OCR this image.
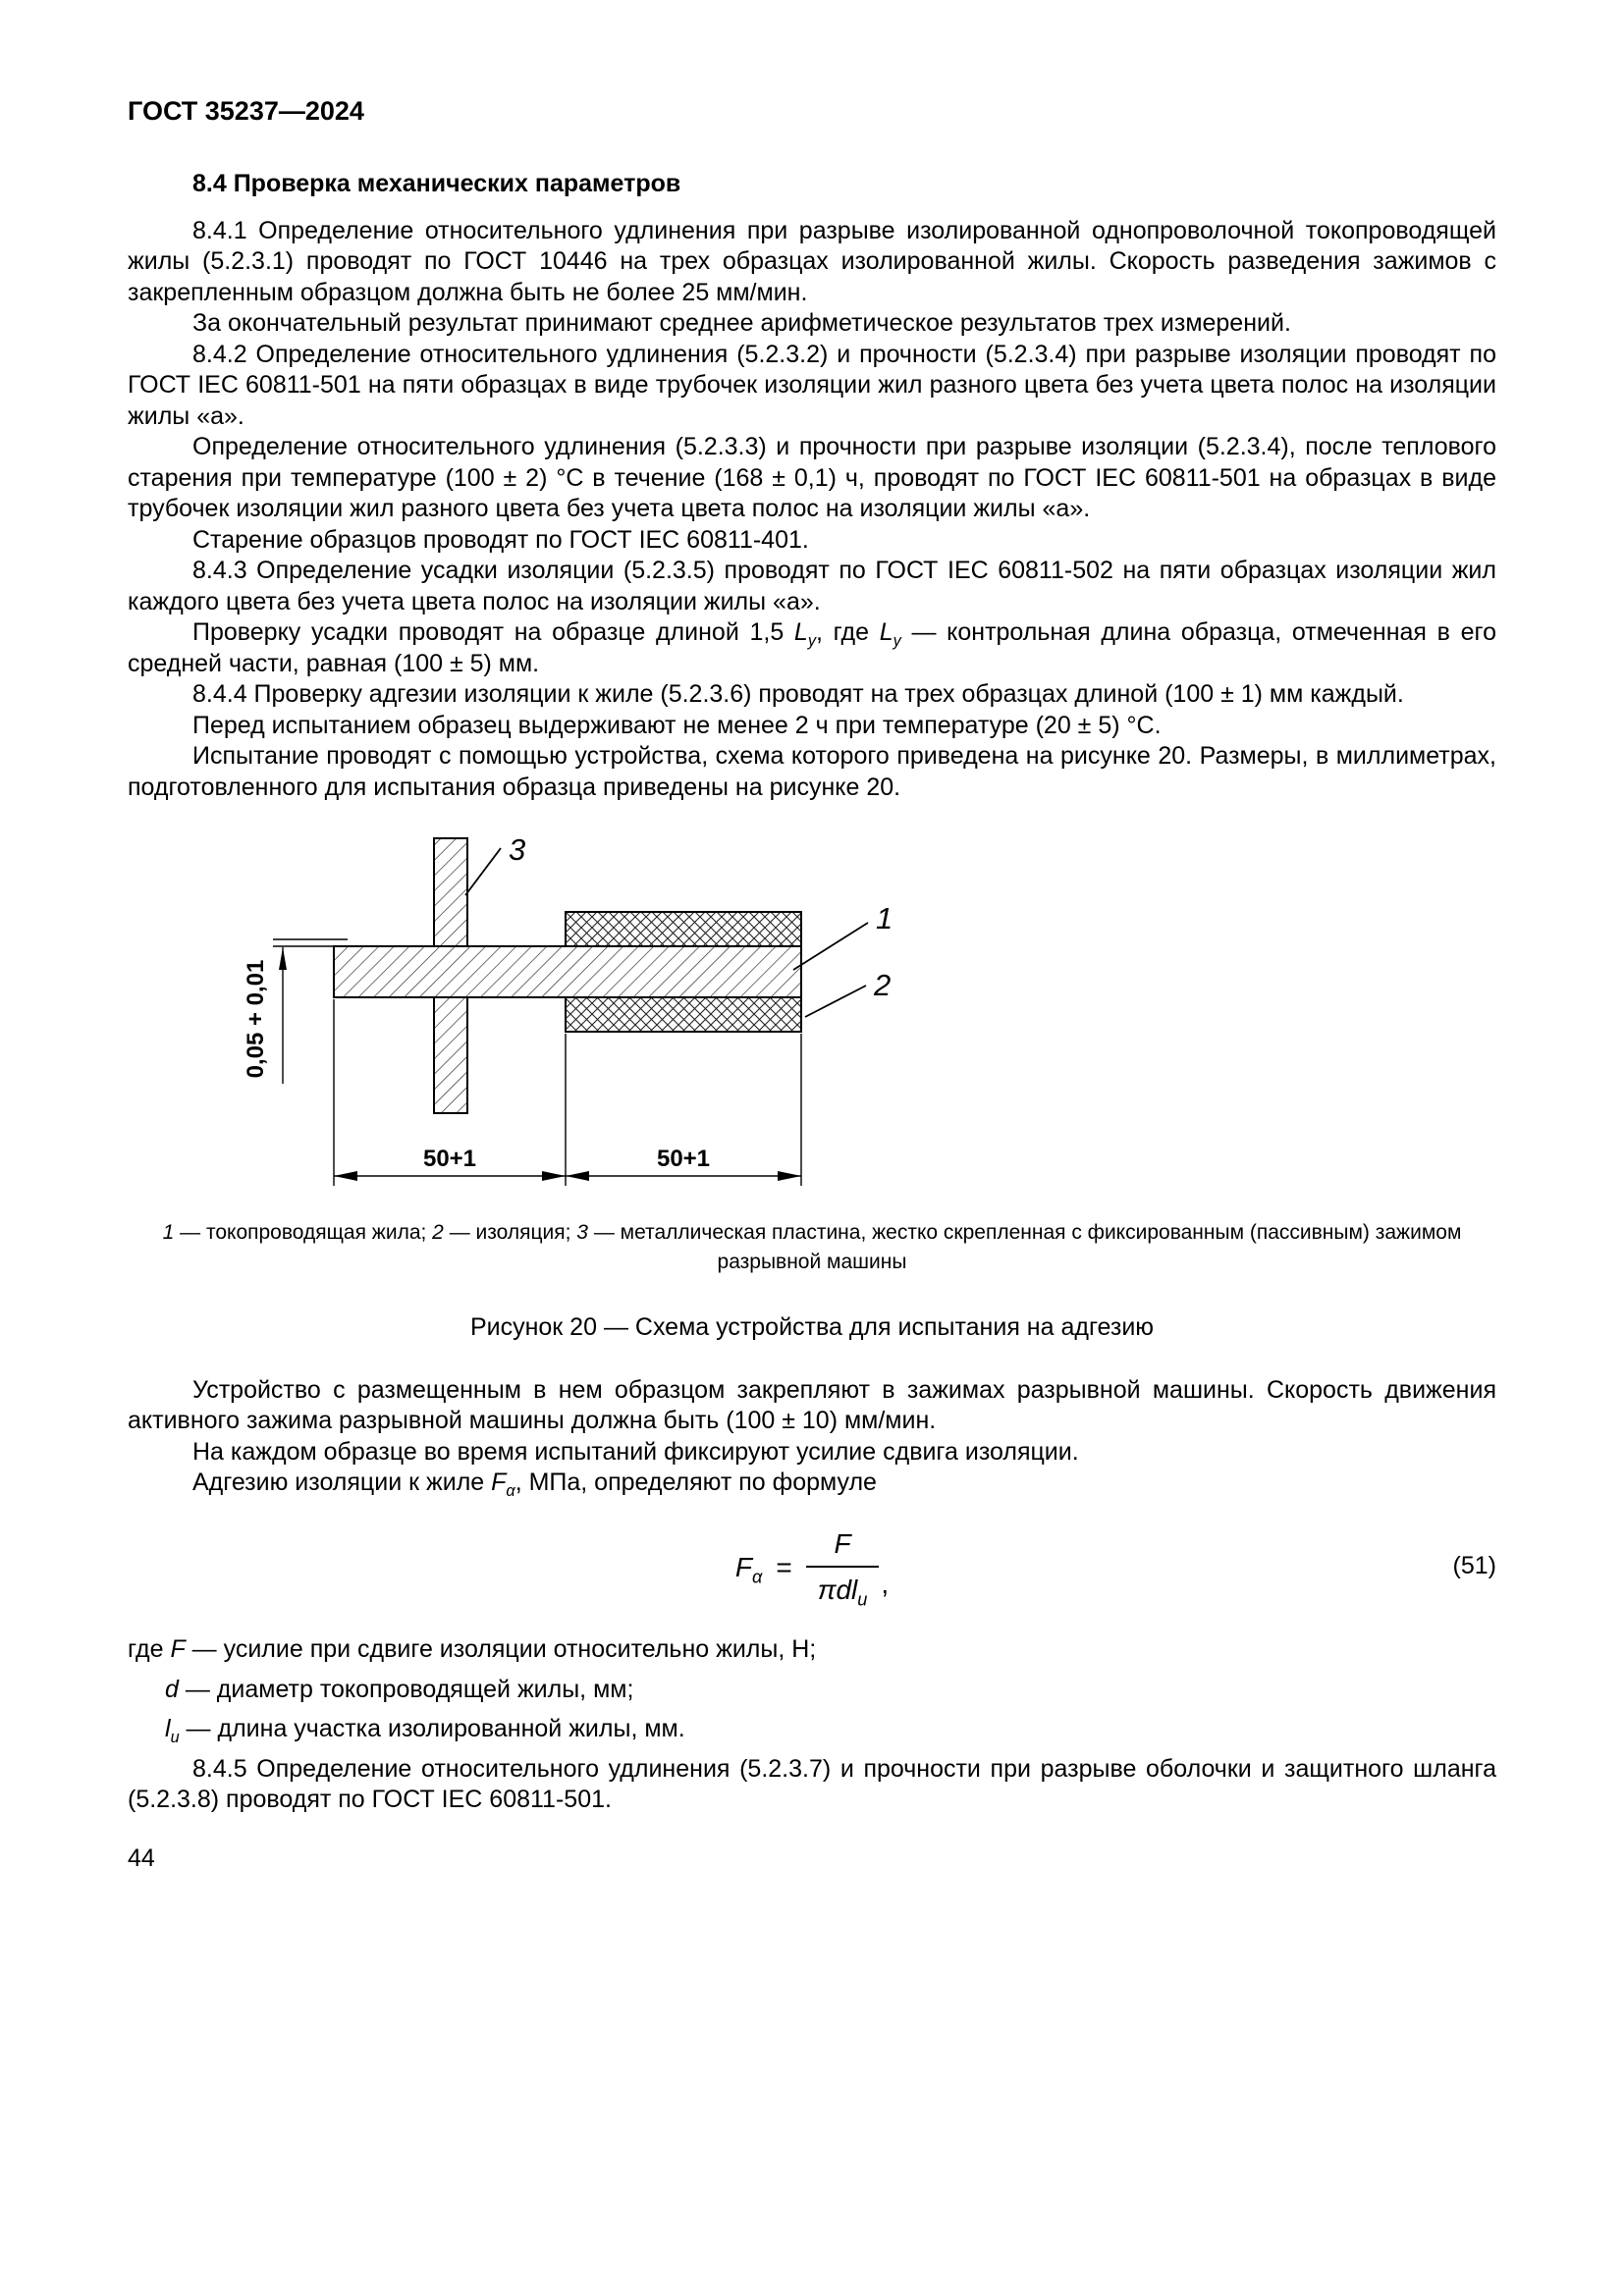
ГОСТ 35237—2024
8.4 Проверка механических параметров

8.4.1 Определение относительного удлинения при разрыве изолированной однопроволочной токопроводящей жилы (5.2.3.1) проводят по ГОСТ 10446 на трех образцах изолированной жилы. Скорость разведения зажимов с закрепленным образцом должна быть не более 25 мм/мин.

За окончательный результат принимают среднее арифметическое результатов трех измерений.

8.4.2 Определение относительного удлинения (5.2.3.2) и прочности (5.2.3.4) при разрыве изоляции проводят по ГОСТ IEC 60811-501 на пяти образцах в виде трубочек изоляции жил разного цвета без учета цвета полос на изоляции жилы «а».

Определение относительного удлинения (5.2.3.3) и прочности при разрыве изоляции (5.2.3.4), после теплового старения при температуре (100 ± 2) °С в течение (168 ± 0,1) ч, проводят по ГОСТ IEC 60811-501 на образцах в виде трубочек изоляции жил разного цвета без учета цвета полос на изоляции жилы «а».

Старение образцов проводят по ГОСТ IEC 60811-401.

8.4.3 Определение усадки изоляции (5.2.3.5) проводят по ГОСТ IEC 60811-502 на пяти образцах изоляции жил каждого цвета без учета цвета полос на изоляции жилы «а».

Проверку усадки проводят на образце длиной 1,5 $L_y$, где $L_y$ — контрольная длина образца, отмеченная в его средней части, равная (100 ± 5) мм.

8.4.4 Проверку адгезии изоляции к жиле (5.2.3.6) проводят на трех образцах длиной (100 ± 1) мм каждый.

Перед испытанием образец выдерживают не менее 2 ч при температуре (20 ± 5) °С.

Испытание проводят с помощью устройства, схема которого приведена на рисунке 20. Размеры, в миллиметрах, подготовленного для испытания образца приведены на рисунке 20.

3
1
2
0,05 + 0,01
50+1	50+1
1 — токопроводящая жила; 2 — изоляция; 3 — металлическая пластина, жестко скрепленная с фиксированным (пассивным) зажимом разрывной машины
Рисунок 20 — Схема устройства для испытания на адгезию

Устройство с размещенным в нем образцом закрепляют в зажимах разрывной машины. Скорость движения активного зажима разрывной машины должна быть (100 ± 10) мм/мин.

На каждом образце во время испытаний фиксируют усилие сдвига изоляции.

Адгезию изоляции к жиле $F_\alpha$, МПа, определяют по формуле

$F_\alpha = \frac{F}{\pi dl_u}$ ,
(51)
где F — усилие при сдвиге изоляции относительно жилы, Н;
d — диаметр токопроводящей жилы, мм;
$l_u$ — длина участка изолированной жилы, мм.

8.4.5 Определение относительного удлинения (5.2.3.7) и прочности при разрыве оболочки и защитного шланга (5.2.3.8) проводят по ГОСТ IEC 60811-501.

44
